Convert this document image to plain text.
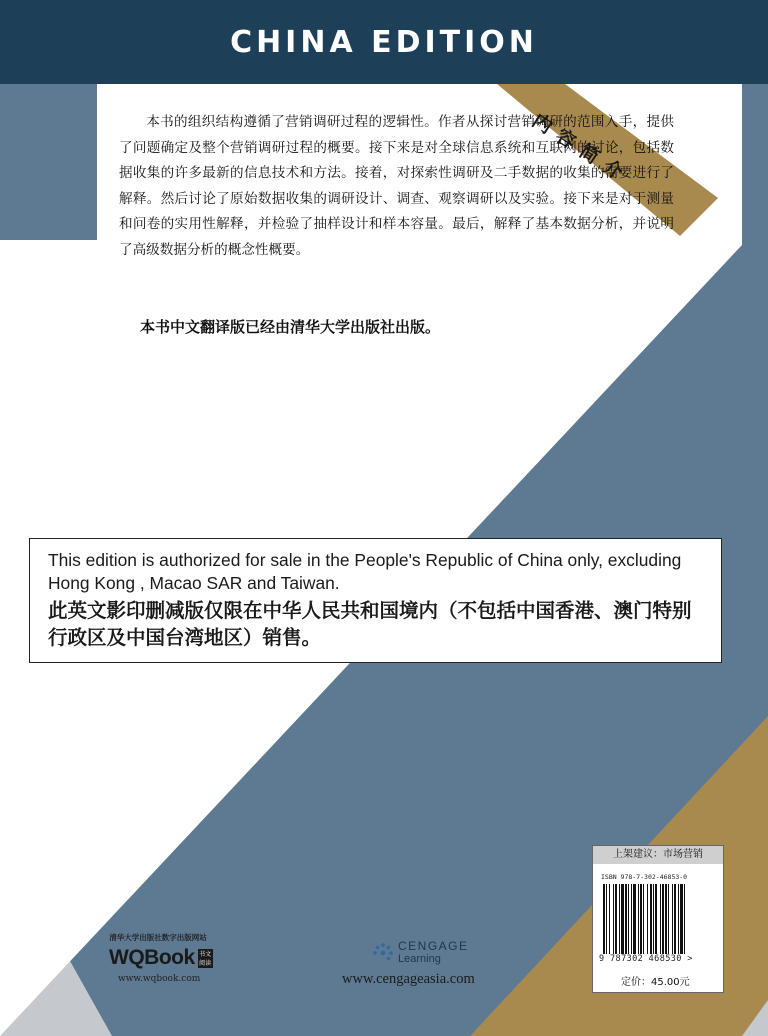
CHINA EDITION
内容简介

本书的组织结构遵循了营销调研过程的逻辑性。作者从探讨营销调研的范围入手，提供了问题确定及整个营销调研过程的概要。接下来是对全球信息系统和互联网的讨论，包括数据收集的许多最新的信息技术和方法。接着，对探索性调研及二手数据的收集的需要进行了解释。然后讨论了原始数据收集的调研设计、调查、观察调研以及实验。接下来是对于测量和问卷的实用性解释，并检验了抽样设计和样本容量。最后，解释了基本数据分析，并说明了高级数据分析的概念性概要。

本书中文翻译版已经由清华大学出版社出版。

This edition is authorized for sale in the People's Republic of China only, excluding Hong Kong , Macao SAR and Taiwan.

此英文影印删减版仅限在中华人民共和国境内（不包括中国香港、澳门特别行政区及中国台湾地区）销售。

上架建议：市场营销
ISBN 978-7-302-46853-0
9 787302 468530 >
定价：45.00元
清华大学出版社数字出版网站
WQBook 书文阅读
www.wqbook.com
CENGAGE
Learning
www.cengageasia.com
